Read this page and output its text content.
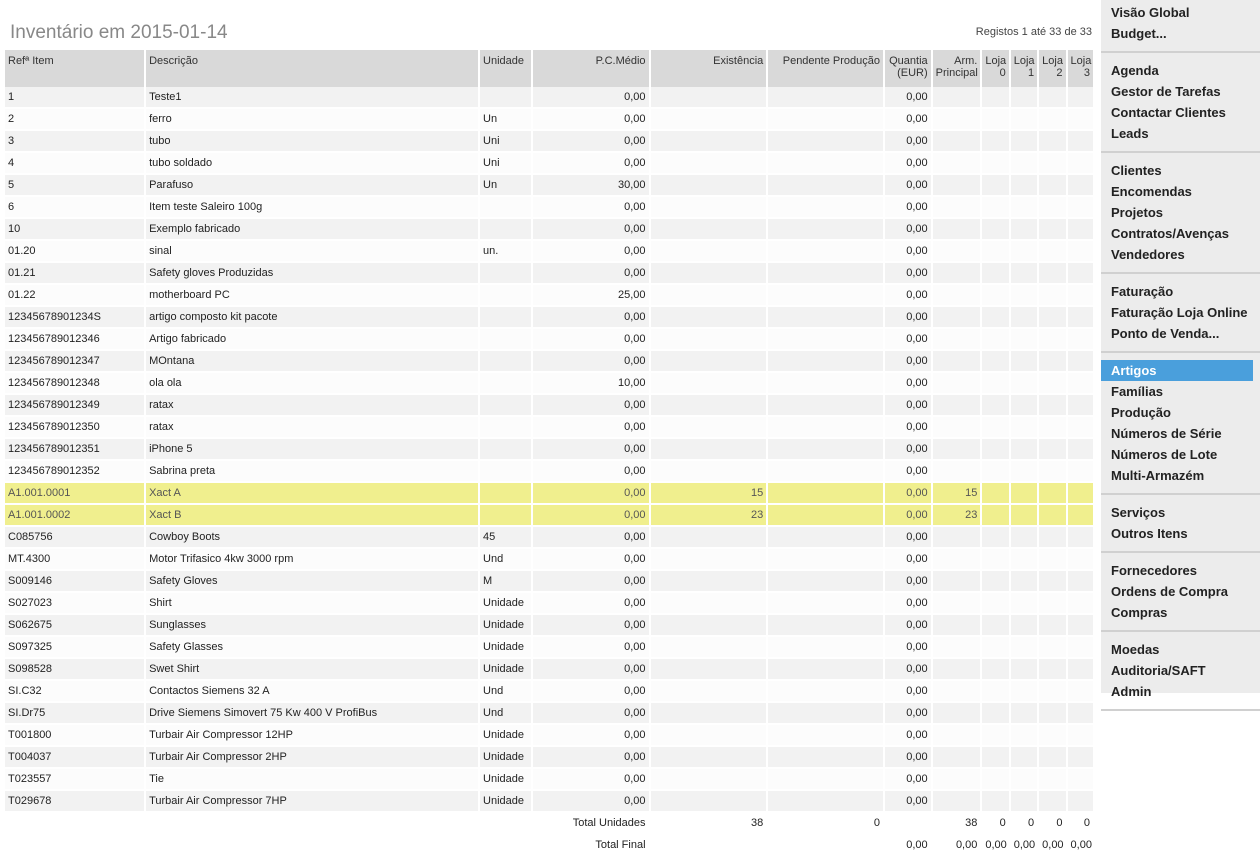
Inventário em 2015-01-14	Registos 1 até 33 de 33
Refª Item	Descrição	Unidade	P.C.Médio	Existência	Pendente Produção	Quantia (EUR)	Arm. Principal	Loja 0	Loja 1	Loja 2	Loja 3
1	Teste1		0,00			0,00					
2	ferro	Un	0,00			0,00					
3	tubo	Uni	0,00			0,00					
4	tubo soldado	Uni	0,00			0,00					
5	Parafuso	Un	30,00			0,00					
6	Item teste Saleiro 100g		0,00			0,00					
10	Exemplo fabricado		0,00			0,00					
01.20	sinal	un.	0,00			0,00					
01.21	Safety gloves Produzidas		0,00			0,00					
01.22	motherboard PC		25,00			0,00					
12345678901234S	artigo composto kit pacote		0,00			0,00					
123456789012346	Artigo fabricado		0,00			0,00					
123456789012347	MOntana		0,00			0,00					
123456789012348	ola ola		10,00			0,00					
123456789012349	ratax		0,00			0,00					
123456789012350	ratax		0,00			0,00					
123456789012351	iPhone 5		0,00			0,00					
123456789012352	Sabrina preta		0,00			0,00					
A1.001.0001	Xact A		0,00	15		0,00	15				
A1.001.0002	Xact B		0,00	23		0,00	23				
C085756	Cowboy Boots	45	0,00			0,00					
MT.4300	Motor Trifasico 4kw 3000 rpm	Und	0,00			0,00					
S009146	Safety Gloves	M	0,00			0,00					
S027023	Shirt	Unidade	0,00			0,00					
S062675	Sunglasses	Unidade	0,00			0,00					
S097325	Safety Glasses	Unidade	0,00			0,00					
S098528	Swet Shirt	Unidade	0,00			0,00					
SI.C32	Contactos Siemens 32 A	Und	0,00			0,00					
SI.Dr75	Drive Siemens Simovert 75 Kw 400 V ProfiBus	Und	0,00			0,00					
T001800	Turbair Air Compressor 12HP	Unidade	0,00			0,00					
T004037	Turbair Air Compressor 2HP	Unidade	0,00			0,00					
T023557	Tie	Unidade	0,00			0,00					
T029678	Turbair Air Compressor 7HP	Unidade	0,00			0,00					
			Total Unidades	38	0		38	0	0	0	0
			Total Final			0,00	0,00	0,00	0,00	0,00	0,00
Visão Global
Budget...
Agenda
Gestor de Tarefas
Contactar Clientes
Leads
Clientes
Encomendas
Projetos
Contratos/Avenças
Vendedores
Faturação
Faturação Loja Online
Ponto de Venda...
Artigos
Famílias
Produção
Números de Série
Números de Lote
Multi-Armazém
Serviços
Outros Itens
Fornecedores
Ordens de Compra
Compras
Moedas
Auditoria/SAFT
Admin
